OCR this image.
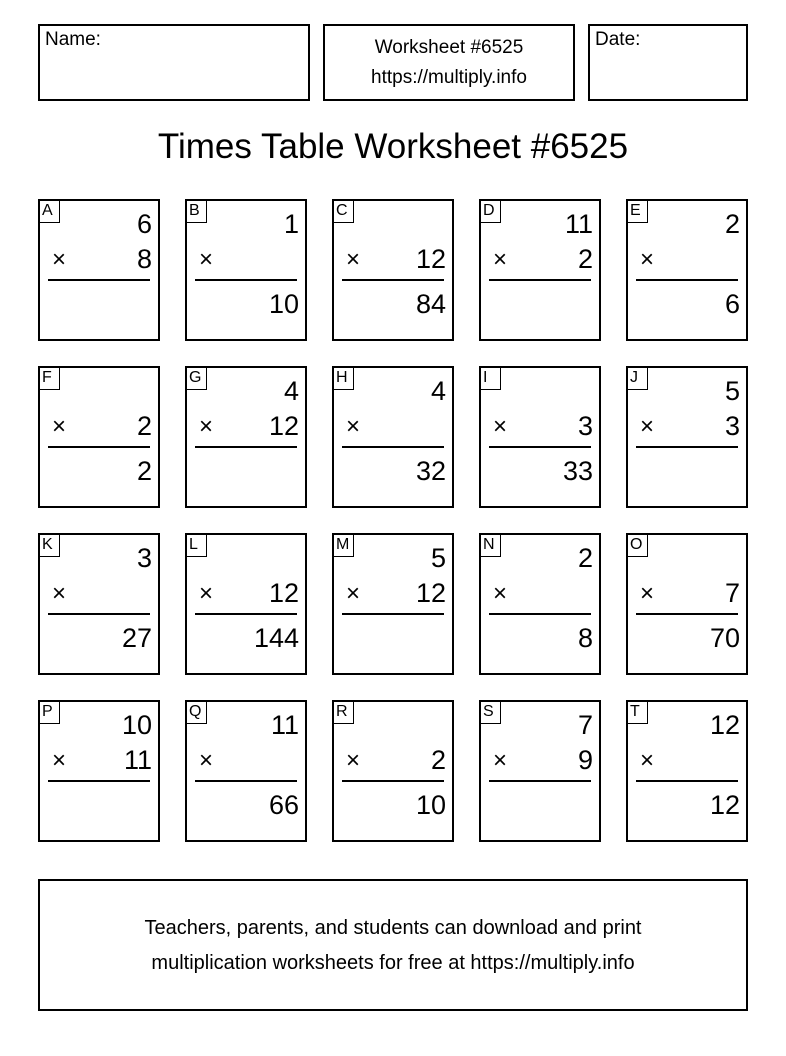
Name:	Worksheet #6525
https://multiply.info
Date:
Times Table Worksheet #6525
A	6
×	8
B	1
×
10
C
× 12
84
D	11
×	2
E	2
×
6
F
×	2
2
G	4
× 12
H	4
×
32
I
×	3
33
J	5
×	3
K	3
×
27
L
× 12
144
M	5
× 12
N	2
×
8
O
×	7
70
P	10
× 11
Q	11
×
66
R
×	2
10
S	7
×	9
T	12
×
12
Teachers, parents, and students can download and print
multiplication worksheets for free at https://multiply.info
